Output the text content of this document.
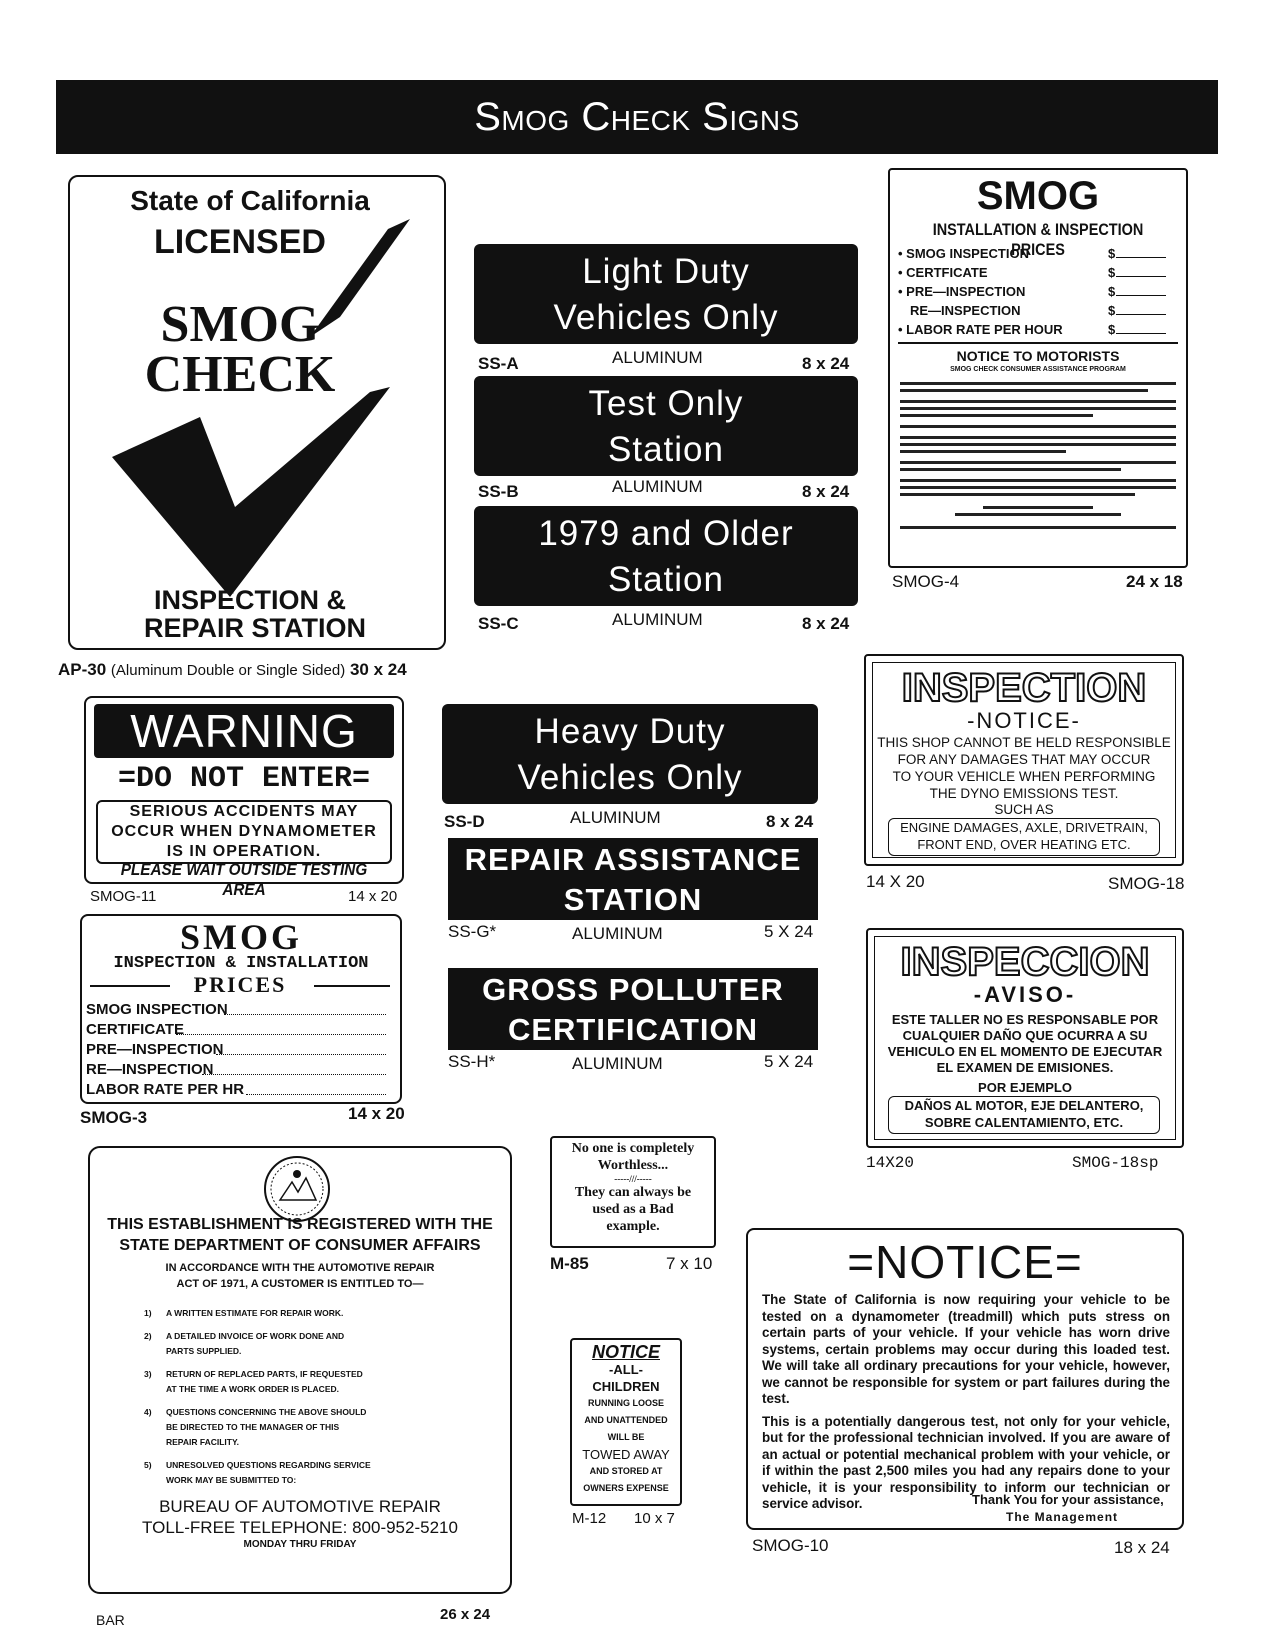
Smog Check Signs
State of California
LICENSED
SMOG
CHECK
INSPECTION &
REPAIR STATION
AP-30 (Aluminum Double or Single Sided) 30 x 24
Light Duty
Vehicles Only
SS-A	ALUMINUM	8 x 24
Test Only
Station
SS-B	ALUMINUM	8 x 24
1979 and Older
Station
SS-C	ALUMINUM	8 x 24
SMOG
INSTALLATION & INSPECTION PRICES
• SMOG INSPECTION	$
• CERTFICATE	$
• PRE—INSPECTION	$
RE—INSPECTION	$
• LABOR RATE PER HOUR	$
NOTICE TO MOTORISTS
SMOG CHECK CONSUMER ASSISTANCE PROGRAM
SMOG-4	24 x 18
WARNING
=DO NOT ENTER=
SERIOUS ACCIDENTS MAY
OCCUR WHEN DYNAMOMETER
IS IN OPERATION.
PLEASE WAIT OUTSIDE TESTING AREA
SMOG-11	14 x 20
Heavy Duty
Vehicles Only
SS-D	ALUMINUM	8 x 24
REPAIR ASSISTANCE
STATION
SS-G*	ALUMINUM	5 X 24
GROSS POLLUTER
CERTIFICATION
SS-H*	ALUMINUM	5 X 24
INSPECTION
-NOTICE-
THIS SHOP CANNOT BE HELD RESPONSIBLE
FOR ANY DAMAGES THAT MAY OCCUR
TO YOUR VEHICLE WHEN PERFORMING
THE DYNO EMISSIONS TEST.
SUCH AS
ENGINE DAMAGES, AXLE, DRIVETRAIN,
FRONT END, OVER HEATING ETC.
14 X 20	SMOG-18
SMOG
INSPECTION & INSTALLATION
PRICES
SMOG INSPECTION
CERTIFICATE
PRE—INSPECTION
RE—INSPECTION
LABOR RATE PER HR
SMOG-3	14 x 20
INSPECCION
-AVISO-
ESTE TALLER NO ES RESPONSABLE POR
CUALQUIER DAÑO QUE OCURRA A SU
VEHICULO EN EL MOMENTO DE EJECUTAR
EL EXAMEN DE EMISIONES.
POR EJEMPLO
DAÑOS AL MOTOR, EJE DELANTERO,
SOBRE CALENTAMIENTO, ETC.
14X20	SMOG-18sp
THIS ESTABLISHMENT IS REGISTERED WITH THE
STATE DEPARTMENT OF CONSUMER AFFAIRS
IN ACCORDANCE WITH THE AUTOMOTIVE REPAIR
ACT OF 1971, A CUSTOMER IS ENTITLED TO—
1) A WRITTEN ESTIMATE FOR REPAIR WORK.
2) A DETAILED INVOICE OF WORK DONE AND
PARTS SUPPLIED.
3) RETURN OF REPLACED PARTS, IF REQUESTED
AT THE TIME A WORK ORDER IS PLACED.
4) QUESTIONS CONCERNING THE ABOVE SHOULD
BE DIRECTED TO THE MANAGER OF THIS
REPAIR FACILITY.
5) UNRESOLVED QUESTIONS REGARDING SERVICE
WORK MAY BE SUBMITTED TO:
BUREAU OF AUTOMOTIVE REPAIR
TOLL-FREE TELEPHONE: 800-952-5210
MONDAY THRU FRIDAY
BAR	26 x 24
No one is completely
Worthless...
-----///-----
They can always be
used as a Bad
example.
M-85	7 x 10
NOTICE
-ALL-
CHILDREN
RUNNING LOOSE
AND UNATTENDED
WILL BE
TOWED AWAY
AND STORED AT
OWNERS EXPENSE
M-12 10 x 7
=NOTICE=
The State of California is now requiring your vehicle to be tested on a dynamometer (treadmill) which puts stress on certain parts of your vehicle. If your vehicle has worn drive systems, certain problems may occur during this loaded test. We will take all ordinary precautions for your vehicle, however, we cannot be responsible for system or part failures during the test.
This is a potentially dangerous test, not only for your vehicle, but for the professional technician involved. If you are aware of an actual or potential mechanical problem with your vehicle, or if within the past 2,500 miles you had any repairs done to your vehicle, it is your responsibility to inform our technician or service advisor.	Thank You for your assistance,
The Management
SMOG-10	18 x 24
